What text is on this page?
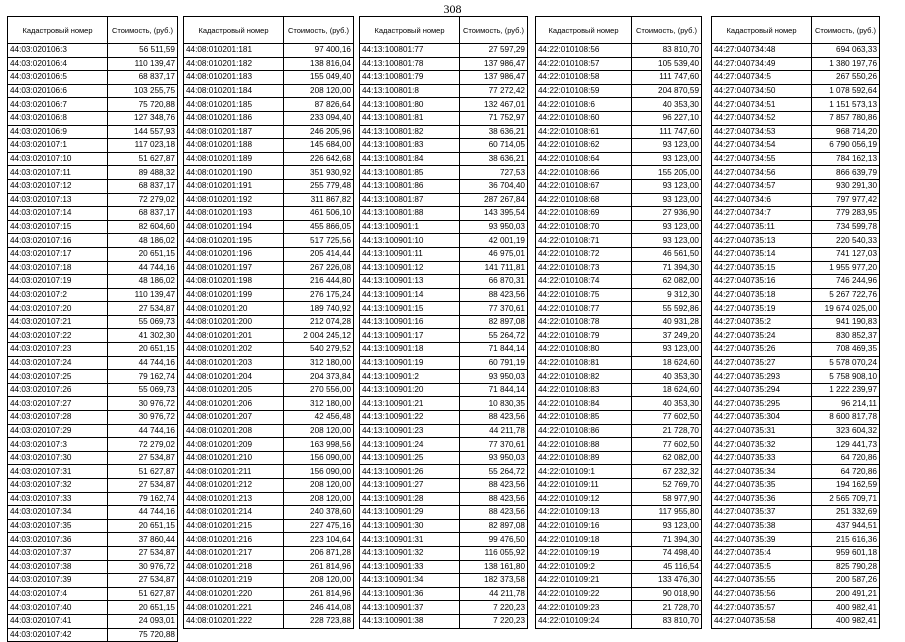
308
Кадастровый номер	Стоимость, (руб.)
44:03:020106:3	56 511,59
44:03:020106:4	110 139,47
44:03:020106:5	68 837,17
44:03:020106:6	103 255,75
44:03:020106:7	75 720,88
44:03:020106:8	127 348,76
44:03:020106:9	144 557,93
44:03:020107:1	117 023,18
44:03:020107:10	51 627,87
44:03:020107:11	89 488,32
44:03:020107:12	68 837,17
44:03:020107:13	72 279,02
44:03:020107:14	68 837,17
44:03:020107:15	82 604,60
44:03:020107:16	48 186,02
44:03:020107:17	20 651,15
44:03:020107:18	44 744,16
44:03:020107:19	48 186,02
44:03:020107:2	110 139,47
44:03:020107:20	27 534,87
44:03:020107:21	55 069,73
44:03:020107:22	41 302,30
44:03:020107:23	20 651,15
44:03:020107:24	44 744,16
44:03:020107:25	79 162,74
44:03:020107:26	55 069,73
44:03:020107:27	30 976,72
44:03:020107:28	30 976,72
44:03:020107:29	44 744,16
44:03:020107:3	72 279,02
44:03:020107:30	27 534,87
44:03:020107:31	51 627,87
44:03:020107:32	27 534,87
44:03:020107:33	79 162,74
44:03:020107:34	44 744,16
44:03:020107:35	20 651,15
44:03:020107:36	37 860,44
44:03:020107:37	27 534,87
44:03:020107:38	30 976,72
44:03:020107:39	27 534,87
44:03:020107:4	51 627,87
44:03:020107:40	20 651,15
44:03:020107:41	24 093,01
44:03:020107:42	75 720,88
Кадастровый номер	Стоимость, (руб.)
44:08:010201:181	97 400,16
44:08:010201:182	138 816,04
44:08:010201:183	155 049,40
44:08:010201:184	208 120,00
44:08:010201:185	87 826,64
44:08:010201:186	233 094,40
44:08:010201:187	246 205,96
44:08:010201:188	145 684,00
44:08:010201:189	226 642,68
44:08:010201:190	351 930,92
44:08:010201:191	255 779,48
44:08:010201:192	311 867,82
44:08:010201:193	461 506,10
44:08:010201:194	455 866,05
44:08:010201:195	517 725,56
44:08:010201:196	205 414,44
44:08:010201:197	267 226,08
44:08:010201:198	216 444,80
44:08:010201:199	276 175,24
44:08:010201:20	189 740,92
44:08:010201:200	212 074,28
44:08:010201:201	2 004 245,12
44:08:010201:202	540 279,52
44:08:010201:203	312 180,00
44:08:010201:204	204 373,84
44:08:010201:205	270 556,00
44:08:010201:206	312 180,00
44:08:010201:207	42 456,48
44:08:010201:208	208 120,00
44:08:010201:209	163 998,56
44:08:010201:210	156 090,00
44:08:010201:211	156 090,00
44:08:010201:212	208 120,00
44:08:010201:213	208 120,00
44:08:010201:214	240 378,60
44:08:010201:215	227 475,16
44:08:010201:216	223 104,64
44:08:010201:217	206 871,28
44:08:010201:218	261 814,96
44:08:010201:219	208 120,00
44:08:010201:220	261 814,96
44:08:010201:221	246 414,08
44:08:010201:222	228 723,88
Кадастровый номер	Стоимость, (руб.)
44:13:100801:77	27 597,29
44:13:100801:78	137 986,47
44:13:100801:79	137 986,47
44:13:100801:8	77 272,42
44:13:100801:80	132 467,01
44:13:100801:81	71 752,97
44:13:100801:82	38 636,21
44:13:100801:83	60 714,05
44:13:100801:84	38 636,21
44:13:100801:85	727,53
44:13:100801:86	36 704,40
44:13:100801:87	287 267,84
44:13:100801:88	143 395,54
44:13:100901:1	93 950,03
44:13:100901:10	42 001,19
44:13:100901:11	46 975,01
44:13:100901:12	141 711,81
44:13:100901:13	66 870,31
44:13:100901:14	88 423,56
44:13:100901:15	77 370,61
44:13:100901:16	82 897,08
44:13:100901:17	55 264,72
44:13:100901:18	71 844,14
44:13:100901:19	60 791,19
44:13:100901:2	93 950,03
44:13:100901:20	71 844,14
44:13:100901:21	10 830,35
44:13:100901:22	88 423,56
44:13:100901:23	44 211,78
44:13:100901:24	77 370,61
44:13:100901:25	93 950,03
44:13:100901:26	55 264,72
44:13:100901:27	88 423,56
44:13:100901:28	88 423,56
44:13:100901:29	88 423,56
44:13:100901:30	82 897,08
44:13:100901:31	99 476,50
44:13:100901:32	116 055,92
44:13:100901:33	138 161,80
44:13:100901:34	182 373,58
44:13:100901:36	44 211,78
44:13:100901:37	7 220,23
44:13:100901:38	7 220,23
Кадастровый номер	Стоимость, (руб.)
44:22:010108:56	83 810,70
44:22:010108:57	105 539,40
44:22:010108:58	111 747,60
44:22:010108:59	204 870,59
44:22:010108:6	40 353,30
44:22:010108:60	96 227,10
44:22:010108:61	111 747,60
44:22:010108:62	93 123,00
44:22:010108:64	93 123,00
44:22:010108:66	155 205,00
44:22:010108:67	93 123,00
44:22:010108:68	93 123,00
44:22:010108:69	27 936,90
44:22:010108:70	93 123,00
44:22:010108:71	93 123,00
44:22:010108:72	46 561,50
44:22:010108:73	71 394,30
44:22:010108:74	62 082,00
44:22:010108:75	9 312,30
44:22:010108:77	55 592,86
44:22:010108:78	40 931,28
44:22:010108:79	37 249,20
44:22:010108:80	93 123,00
44:22:010108:81	18 624,60
44:22:010108:82	40 353,30
44:22:010108:83	18 624,60
44:22:010108:84	40 353,30
44:22:010108:85	77 602,50
44:22:010108:86	21 728,70
44:22:010108:88	77 602,50
44:22:010108:89	62 082,00
44:22:010109:1	67 232,32
44:22:010109:11	52 769,70
44:22:010109:12	58 977,90
44:22:010109:13	117 955,80
44:22:010109:16	93 123,00
44:22:010109:18	71 394,30
44:22:010109:19	74 498,40
44:22:010109:2	45 116,54
44:22:010109:21	133 476,30
44:22:010109:22	90 018,90
44:22:010109:23	21 728,70
44:22:010109:24	83 810,70
Кадастровый номер	Стоимость, (руб.)
44:27:040734:48	694 063,33
44:27:040734:49	1 380 197,76
44:27:040734:5	267 550,26
44:27:040734:50	1 078 592,64
44:27:040734:51	1 151 573,13
44:27:040734:52	7 857 780,86
44:27:040734:53	968 714,20
44:27:040734:54	6 790 056,19
44:27:040734:55	784 162,13
44:27:040734:56	866 639,79
44:27:040734:57	930 291,30
44:27:040734:6	797 977,42
44:27:040734:7	779 283,95
44:27:040735:11	734 599,78
44:27:040735:13	220 540,33
44:27:040735:14	741 127,03
44:27:040735:15	1 955 977,20
44:27:040735:16	746 244,96
44:27:040735:18	5 267 722,76
44:27:040735:19	19 674 025,00
44:27:040735:2	941 190,83
44:27:040735:24	830 852,37
44:27:040735:26	708 469,35
44:27:040735:27	5 578 070,24
44:27:040735:293	5 758 908,10
44:27:040735:294	1 222 239,97
44:27:040735:295	96 214,11
44:27:040735:304	8 600 817,78
44:27:040735:31	323 604,32
44:27:040735:32	129 441,73
44:27:040735:33	64 720,86
44:27:040735:34	64 720,86
44:27:040735:35	194 162,59
44:27:040735:36	2 565 709,71
44:27:040735:37	251 332,69
44:27:040735:38	437 944,51
44:27:040735:39	215 616,36
44:27:040735:4	959 601,18
44:27:040735:5	825 790,28
44:27:040735:55	200 587,26
44:27:040735:56	200 491,21
44:27:040735:57	400 982,41
44:27:040735:58	400 982,41
